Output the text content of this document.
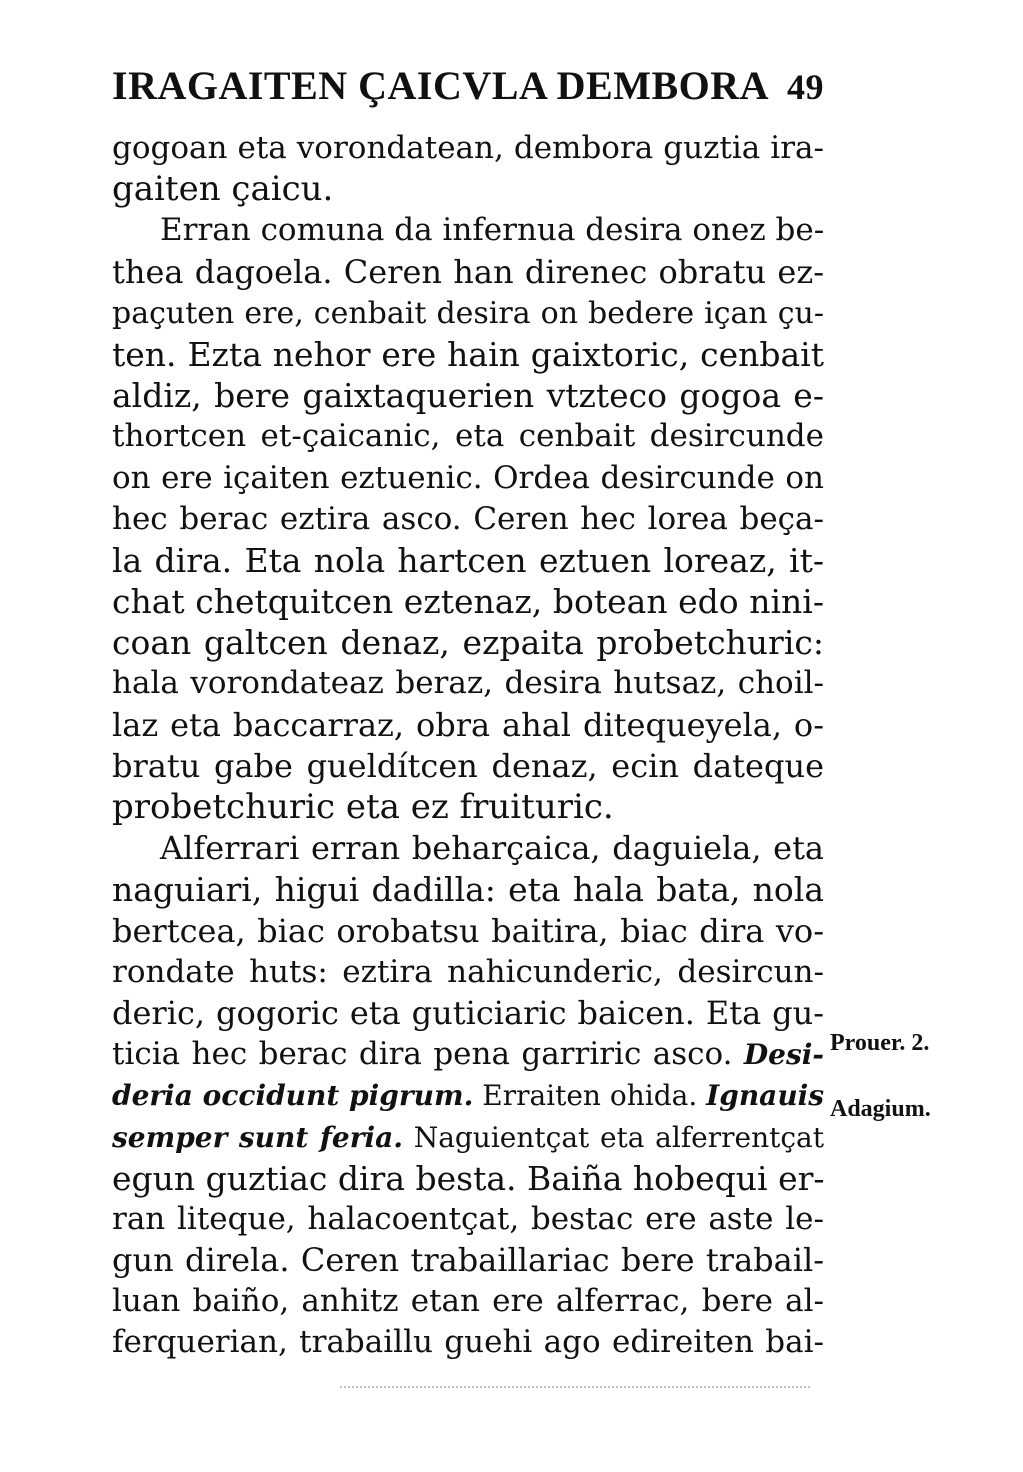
IRAGAITEN ÇAICVLA DEMBORA 49
gogoan eta vorondatean, dembora guztia ira-
gaiten çaicu.
Erran comuna da infernua desira onez be-
thea dagoela. Ceren han direnec obratu ez-
paçuten ere, cenbait desira on bedere içan çu-
ten. Ezta nehor ere hain gaixtoric, cenbait
aldiz, bere gaixtaquerien vtzteco gogoa e-
thortcen et-çaicanic, eta cenbait desircunde
on ere içaiten eztuenic. Ordea desircunde on
hec berac eztira asco. Ceren hec lorea beça-
la dira. Eta nola hartcen eztuen loreaz, it-
chat chetquitcen eztenaz, botean edo nini-
coan galtcen denaz, ezpaita probetchuric:
hala vorondateaz beraz, desira hutsaz, choil-
laz eta baccarraz, obra ahal ditequeyela, o-
bratu gabe gueldítcen denaz, ecin dateque
probetchuric eta ez fruituric.
Alferrari erran beharçaica, daguiela, eta
naguiari, higui dadilla: eta hala bata, nola
bertcea, biac orobatsu baitira, biac dira vo-
rondate huts: eztira nahicunderic, desircun-
deric, gogoric eta guticiaric baicen. Eta gu-
ticia hec berac dira pena garriric asco. Desi-
deria occidunt pigrum. Erraiten ohida. Ignauis
semper sunt feria. Naguientçat eta alferrentçat
egun guztiac dira besta. Baiña hobequi er-
ran liteque, halacoentçat, bestac ere aste le-
gun direla. Ceren trabaillariac bere trabail-
luan baiño, anhitz etan ere alferrac, bere al-
ferquerian, trabaillu guehi ago edireiten bai-
Prouer. 2.
Adagium.
